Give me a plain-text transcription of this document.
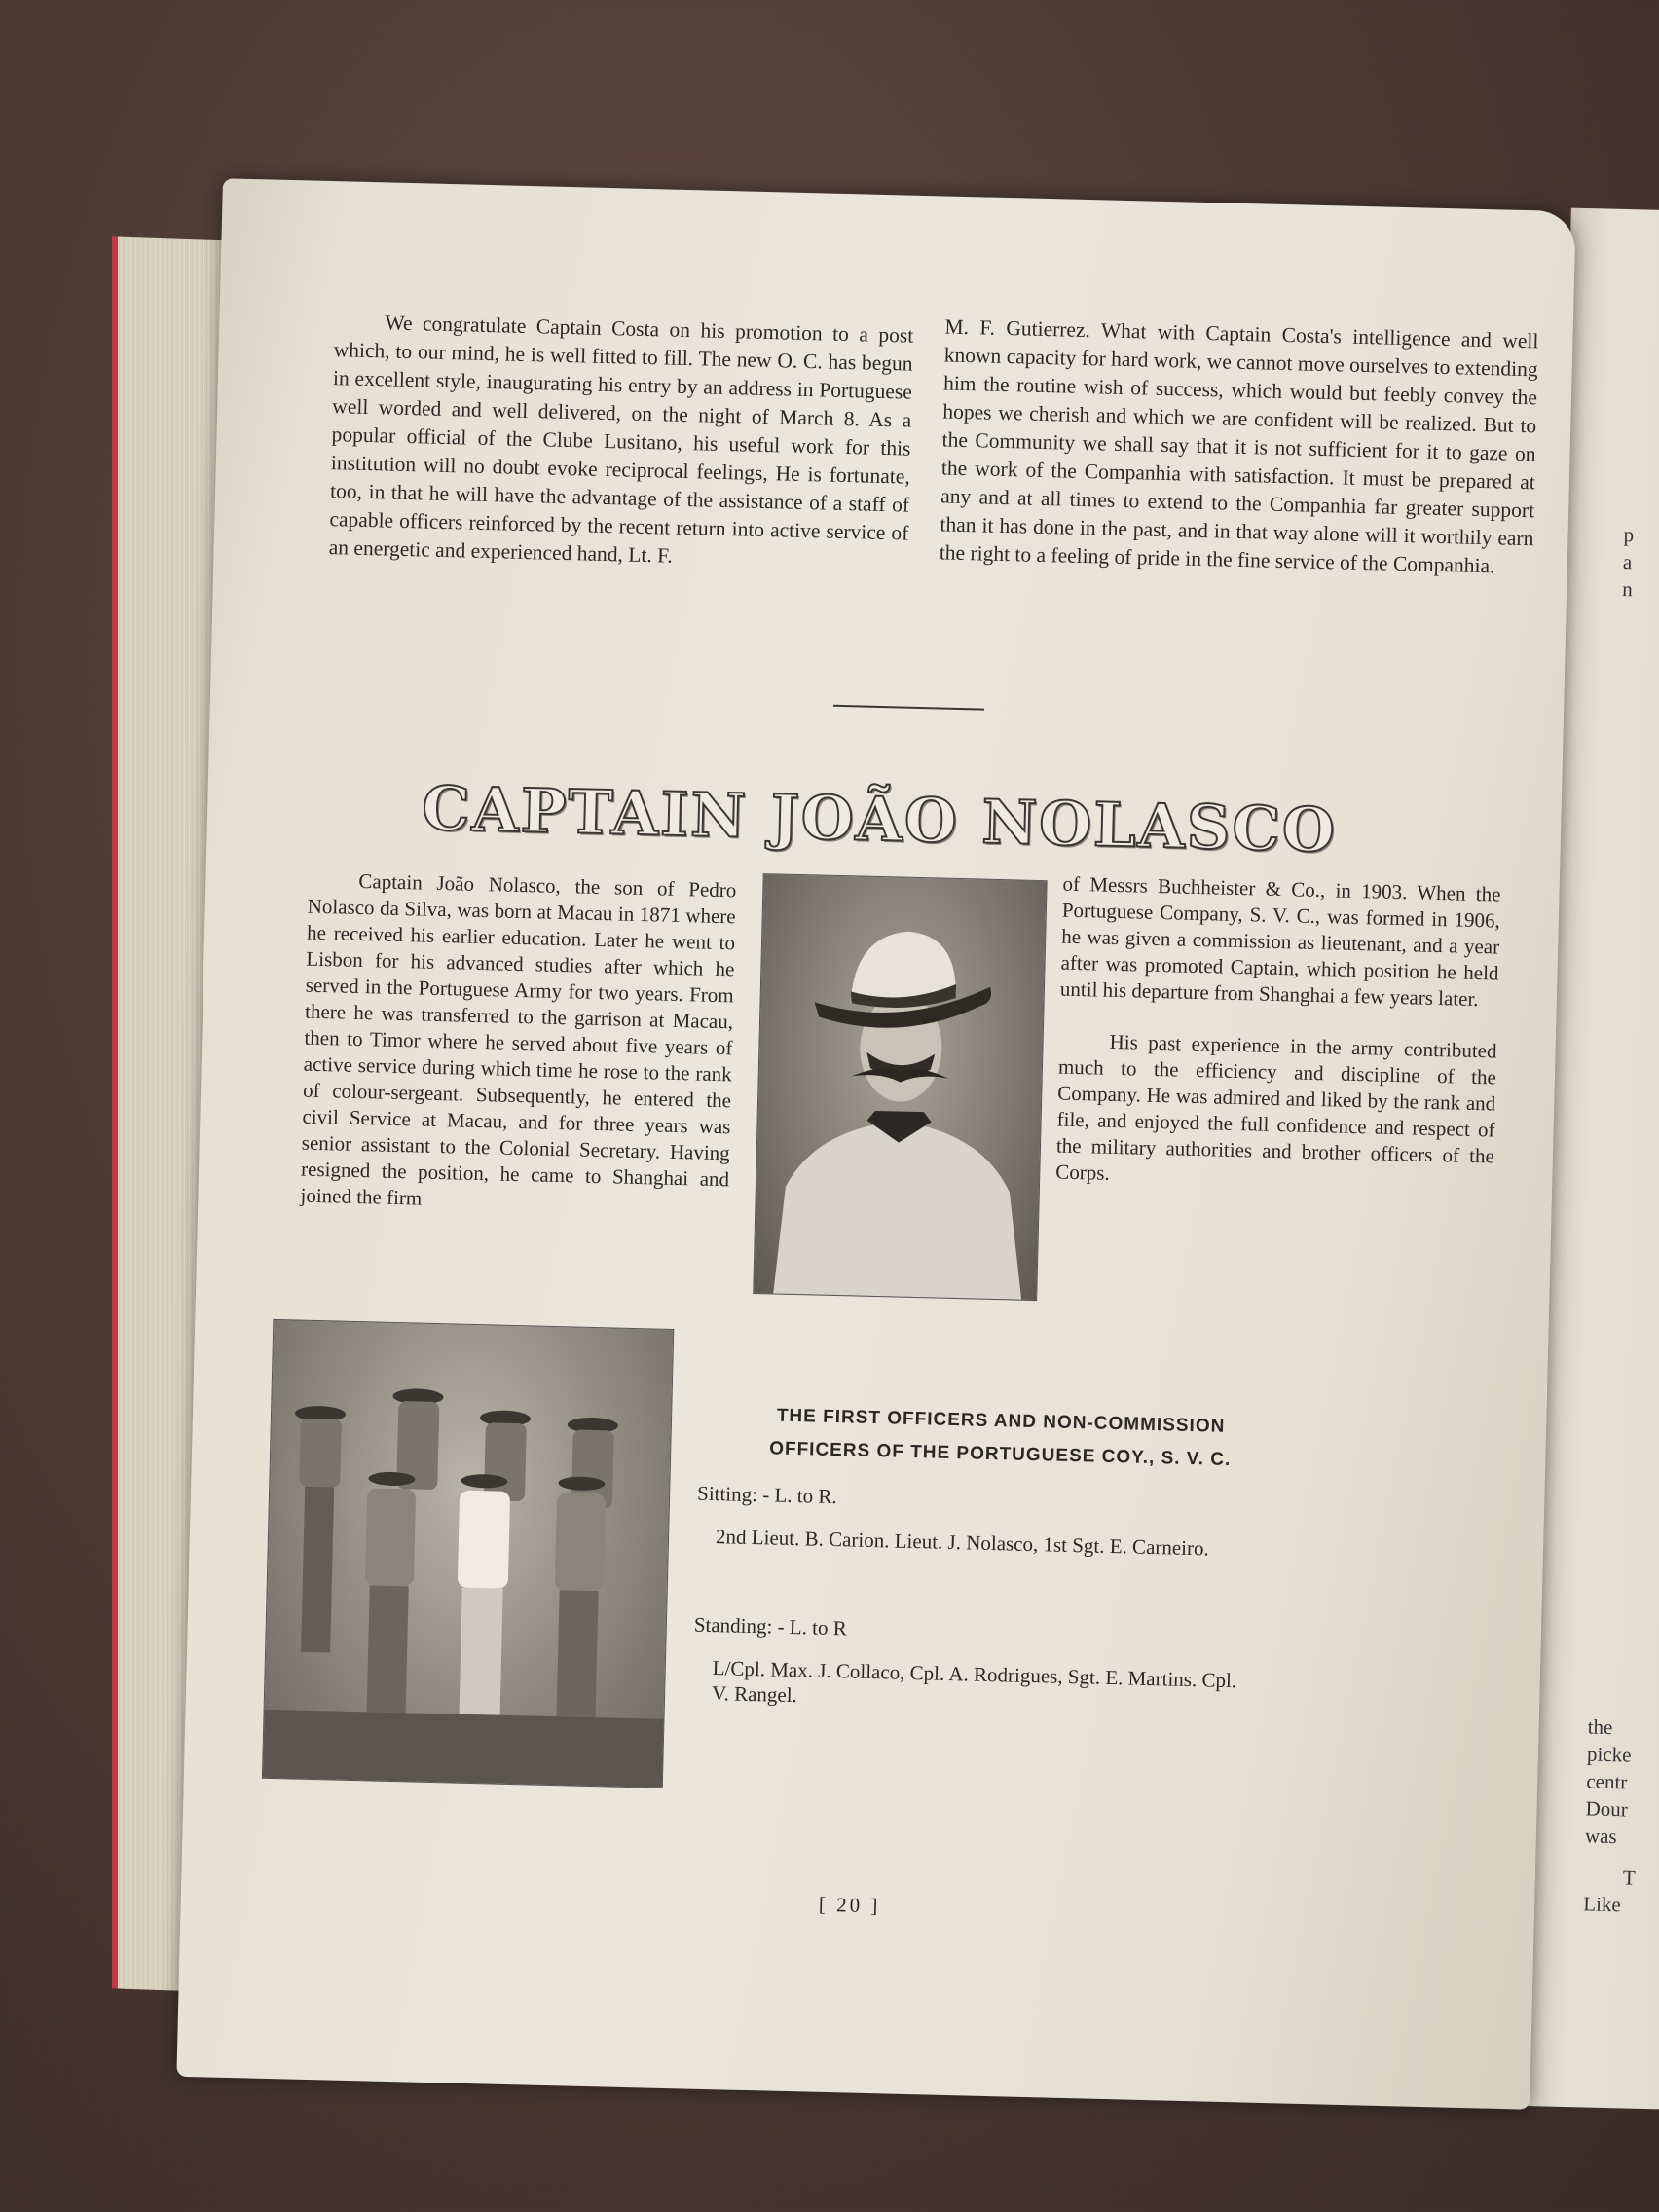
p
a
n
the
picke
centr
Dour
was
T
Like

We congratulate Captain Costa on his promotion to a post which, to our mind, he is well fitted to fill. The new O. C. has begun in excellent style, inaugurating his entry by an address in Portuguese well worded and well delivered, on the night of March 8. As a popular official of the Clube Lusitano, his useful work for this institution will no doubt evoke reciprocal feelings, He is fortunate, too, in that he will have the advantage of the assistance of a staff of capable officers reinforced by the recent return into active service of an energetic and experienced hand, Lt. F.

M. F. Gutierrez. What with Captain Costa's intelligence and well known capacity for hard work, we cannot move ourselves to extending him the routine wish of success, which would but feebly convey the hopes we cherish and which we are confident will be realized. But to the Community we shall say that it is not sufficient for it to gaze on the work of the Companhia with satisfaction. It must be prepared at any and at all times to extend to the Companhia far greater support than it has done in the past, and in that way alone will it worthily earn the right to a feeling of pride in the fine service of the Companhia.

CAPTAIN JOÃO NOLASCO

Captain João Nolasco, the son of Pedro Nolasco da Silva, was born at Macau in 1871 where he received his earlier education. Later he went to Lisbon for his advanced studies after which he served in the Portuguese Army for two years. From there he was transferred to the garrison at Macau, then to Timor where he served about five years of active service during which time he rose to the rank of colour-sergeant. Subsequently, he entered the civil Service at Macau, and for three years was senior assistant to the Colonial Secretary. Having resigned the position, he came to Shanghai and joined the firm

of Messrs Buchheister & Co., in 1903. When the Portuguese Company, S. V. C., was formed in 1906, he was given a commission as lieutenant, and a year after was promoted Captain, which position he held until his departure from Shanghai a few years later.

His past experience in the army contributed much to the efficiency and discipline of the Company. He was admired and liked by the rank and file, and enjoyed the full confidence and respect of the military authorities and brother officers of the Corps.

THE FIRST OFFICERS AND NON-COMMISSION
OFFICERS OF THE PORTUGUESE COY., S. V. C.
Sitting: - L. to R.
2nd Lieut. B. Carion. Lieut. J. Nolasco, 1st Sgt. E. Carneiro.
Standing: - L. to R
L/Cpl. Max. J. Collaco, Cpl. A. Rodrigues, Sgt. E. Martins. Cpl. V. Rangel.
[ 20 ]
